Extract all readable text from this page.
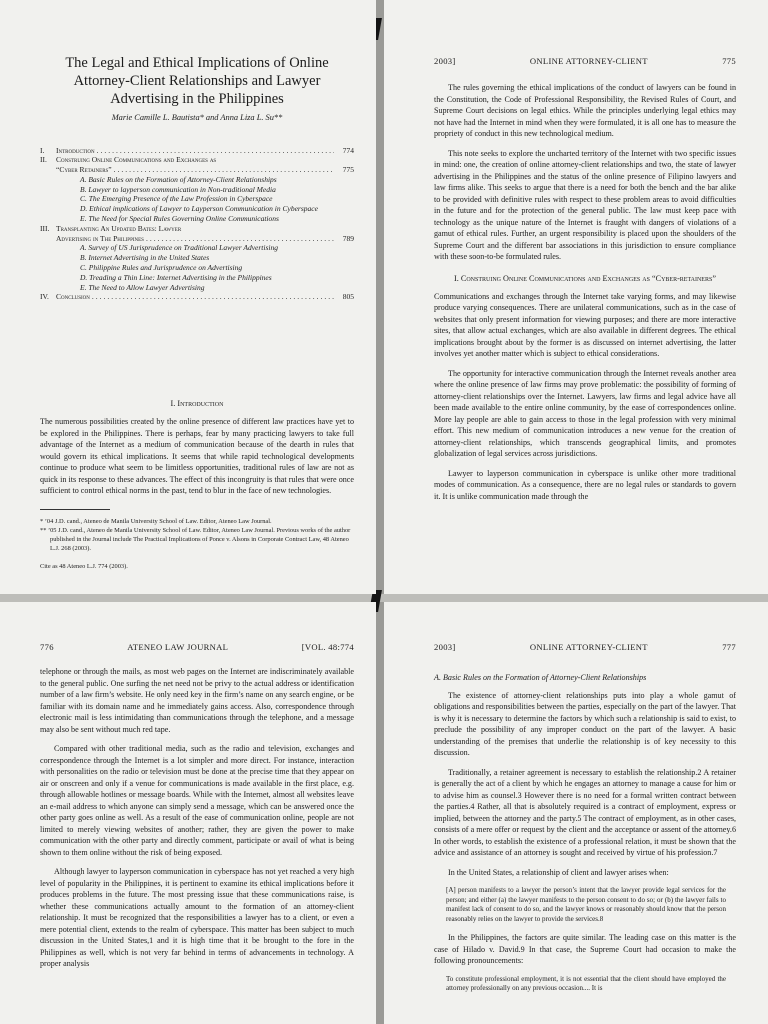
The Legal and Ethical Implications of Online Attorney-Client Relationships and Lawyer Advertising in the Philippines
Marie Camille L. Bautista* and Anna Liza L. Su**
I.	Introduction .....	774
II.	Construing Online Communications and Exchanges as
“Cyber Retainers” .....	775
A. Basic Rules on the Formation of Attorney-Client Relationships
B. Lawyer to layperson communication in Non-traditional Media
C. The Emerging Presence of the Law Profession in Cyberspace
D. Ethical implications of Lawyer to Layperson Communication in Cyberspace
E. The Need for Special Rules Governing Online Communications
III. Transplanting An Updated Bates: Lawyer
Advertising in The Philippines .....	789
A. Survey of US Jurisprudence on Traditional Lawyer Advertising
B. Internet Advertising in the United States
C. Philippine Rules and Jurisprudence on Advertising
D. Treading a Thin Line: Internet Advertising in the Philippines
E. The Need to Allow Lawyer Advertising
IV. Conclusion .....	805
I. Introduction

The numerous possibilities created by the online presence of different law practices have yet to be explored in the Philippines. There is perhaps, fear by many practicing lawyers to take full advantage of the Internet as a medium of communication because of the dearth in rules that would govern its ethical implications. It seems that while rapid technological developments continue to produce what seem to be limitless opportunities, traditional rules of law are not as quick in its response to these advances. The effect of this incongruity is that rules that were once sufficient to control ethical norms in the past, tend to blur in the face of new technologies.

* ’04 J.D. cand., Ateneo de Manila University School of Law. Editor, Ateneo Law Journal.

** ’05 J.D. cand., Ateneo de Manila University School of Law. Editor, Ateneo Law Journal. Previous works of the author published in the Journal include The Practical Implications of Ponce v. Alsons in Corporate Contract Law, 48 Ateneo L.J. 268 (2003).

Cite as 48 Ateneo L.J. 774 (2003).

2003]	ONLINE ATTORNEY-CLIENT	775

The rules governing the ethical implications of the conduct of lawyers can be found in the Constitution, the Code of Professional Responsibility, the Revised Rules of Court, and Supreme Court decisions on legal ethics. While the principles underlying legal ethics may not have had the Internet in mind when they were formulated, it is all one has to measure the propriety of conduct in this new technological medium.

This note seeks to explore the uncharted territory of the Internet with two specific issues in mind: one, the creation of online attorney-client relationships and two, the state of lawyer advertising in the Philippines and the status of the online presence of Filipino lawyers and law firms alike. This seeks to argue that there is a need for both the bench and the bar alike to be provided with definitive rules with respect to these problem areas to avoid difficulties in the future and for the protection of the general public. The law must keep pace with technology as the unique nature of the Internet is fraught with dangers of violations of a gamut of ethical rules. Further, an urgent responsibility is placed upon the shoulders of the Supreme Court and the different bar associations in this jurisdiction to ensure compliance with these soon-to-be formulated rules.

I. Construing Online Communications and Exchanges as “Cyber-retainers”

Communications and exchanges through the Internet take varying forms, and may likewise produce varying consequences. There are unilateral communications, such as in the case of websites that only present information for viewing purposes; and there are more interactive sites, that allow actual exchanges, which are also available in different degrees. The ethical implications brought about by the former is as discussed on internet advertising, the latter involves yet another matter which is subject to ethical considerations.

The opportunity for interactive communication through the Internet reveals another area where the online presence of law firms may prove problematic: the possibility of forming of attorney-client relationships over the Internet. Lawyers, law firms and legal advice have all been made available to the entire online community, by the ease of correspondences online. More lay people are able to gain access to those in the legal profession with very minimal effort. This new medium of communication introduces a new venue for the creation of attorney-client relationships, which transcends geographical limits, and promotes globalization of legal services across jurisdictions.

Lawyer to layperson communication in cyberspace is unlike other more traditional modes of communication. As a consequence, there are no legal rules or standards to govern it. It is unlike communication made through the

776	ATENEO LAW JOURNAL	[VOL. 48:774

telephone or through the mails, as most web pages on the Internet are indiscriminately available to the general public. One surfing the net need not be privy to the actual address or identification number of a law firm’s website. He only need key in the firm’s name on any search engine, or be familiar with its domain name and he immediately gains access. Also, correspondence through electronic mail is less intimidating than communications through the telephone, and a message may also be sent without much red tape.

Compared with other traditional media, such as the radio and television, exchanges and correspondence through the Internet is a lot simpler and more direct. For instance, interaction with personalities on the radio or television must be done at the precise time that they appear on air or onscreen and only if a venue for communications is made available in the first place, e.g. through allowable hotlines or message boards. While with the Internet, almost all websites leave an e-mail address to which anyone can simply send a message, which can be answered once the other party goes online as well. As a result of the ease of communication online, people are not limited to merely viewing websites of another; rather, they are given the power to make communication with the other party and directly comment, participate or avail of what is being shown to them online without the risk of being exposed.

Although lawyer to layperson communication in cyberspace has not yet reached a very high level of popularity in the Philippines, it is pertinent to examine its ethical implications before it produces problems in the future. The most pressing issue that these communications raise, is whether these communications actually amount to the formation of an attorney-client relationship. It must be recognized that the responsibilities a lawyer has to a client, or even a mere potential client, extends to the realm of cyberspace. This matter has been subject to much discussion in the United States,1 and it is high time that it be brought to the fore in the Philippines as well, which is not very far behind in terms of advancements in technology. A proper analysis

2003]	ONLINE ATTORNEY-CLIENT	777
A. Basic Rules on the Formation of Attorney-Client Relationships

The existence of attorney-client relationships puts into play a whole gamut of obligations and responsibilities between the parties, especially on the part of the lawyer. That is why it is necessary to determine the factors by which such a relationship is said to exist, to preclude the possibility of any improper conduct on the part of the lawyer. A basic understanding of the premises that underlie the relationship is of key necessity to this discussion.

Traditionally, a retainer agreement is necessary to establish the relationship.2 A retainer is generally the act of a client by which he engages an attorney to manage a cause for him or to advise him as counsel.3 However there is no need for a formal written contract between the parties.4 Rather, all that is absolutely required is a contract of employment, express or implied, between the attorney and the party.5 The contract of employment, as in other cases, consists of a mere offer or request by the client and the acceptance or assent of the attorney.6 In other words, to establish the existence of a professional relation, it must be shown that the advice and assistance of an attorney is sought and received by virtue of his profession.7

In the United States, a relationship of client and lawyer arises when:

[A] person manifests to a lawyer the person’s intent that the lawyer provide legal services for the person; and either (a) the lawyer manifests to the person consent to do so; or (b) the lawyer fails to manifest lack of consent to do so, and the lawyer knows or reasonably should know that the person reasonably relies on the lawyer to provide the services.8

In the Philippines, the factors are quite similar. The leading case on this matter is the case of Hilado v. David.9 In that case, the Supreme Court had occasion to make the following pronouncements:

To constitute professional employment, it is not essential that the client should have employed the attorney professionally on any previous occasion.... It is
